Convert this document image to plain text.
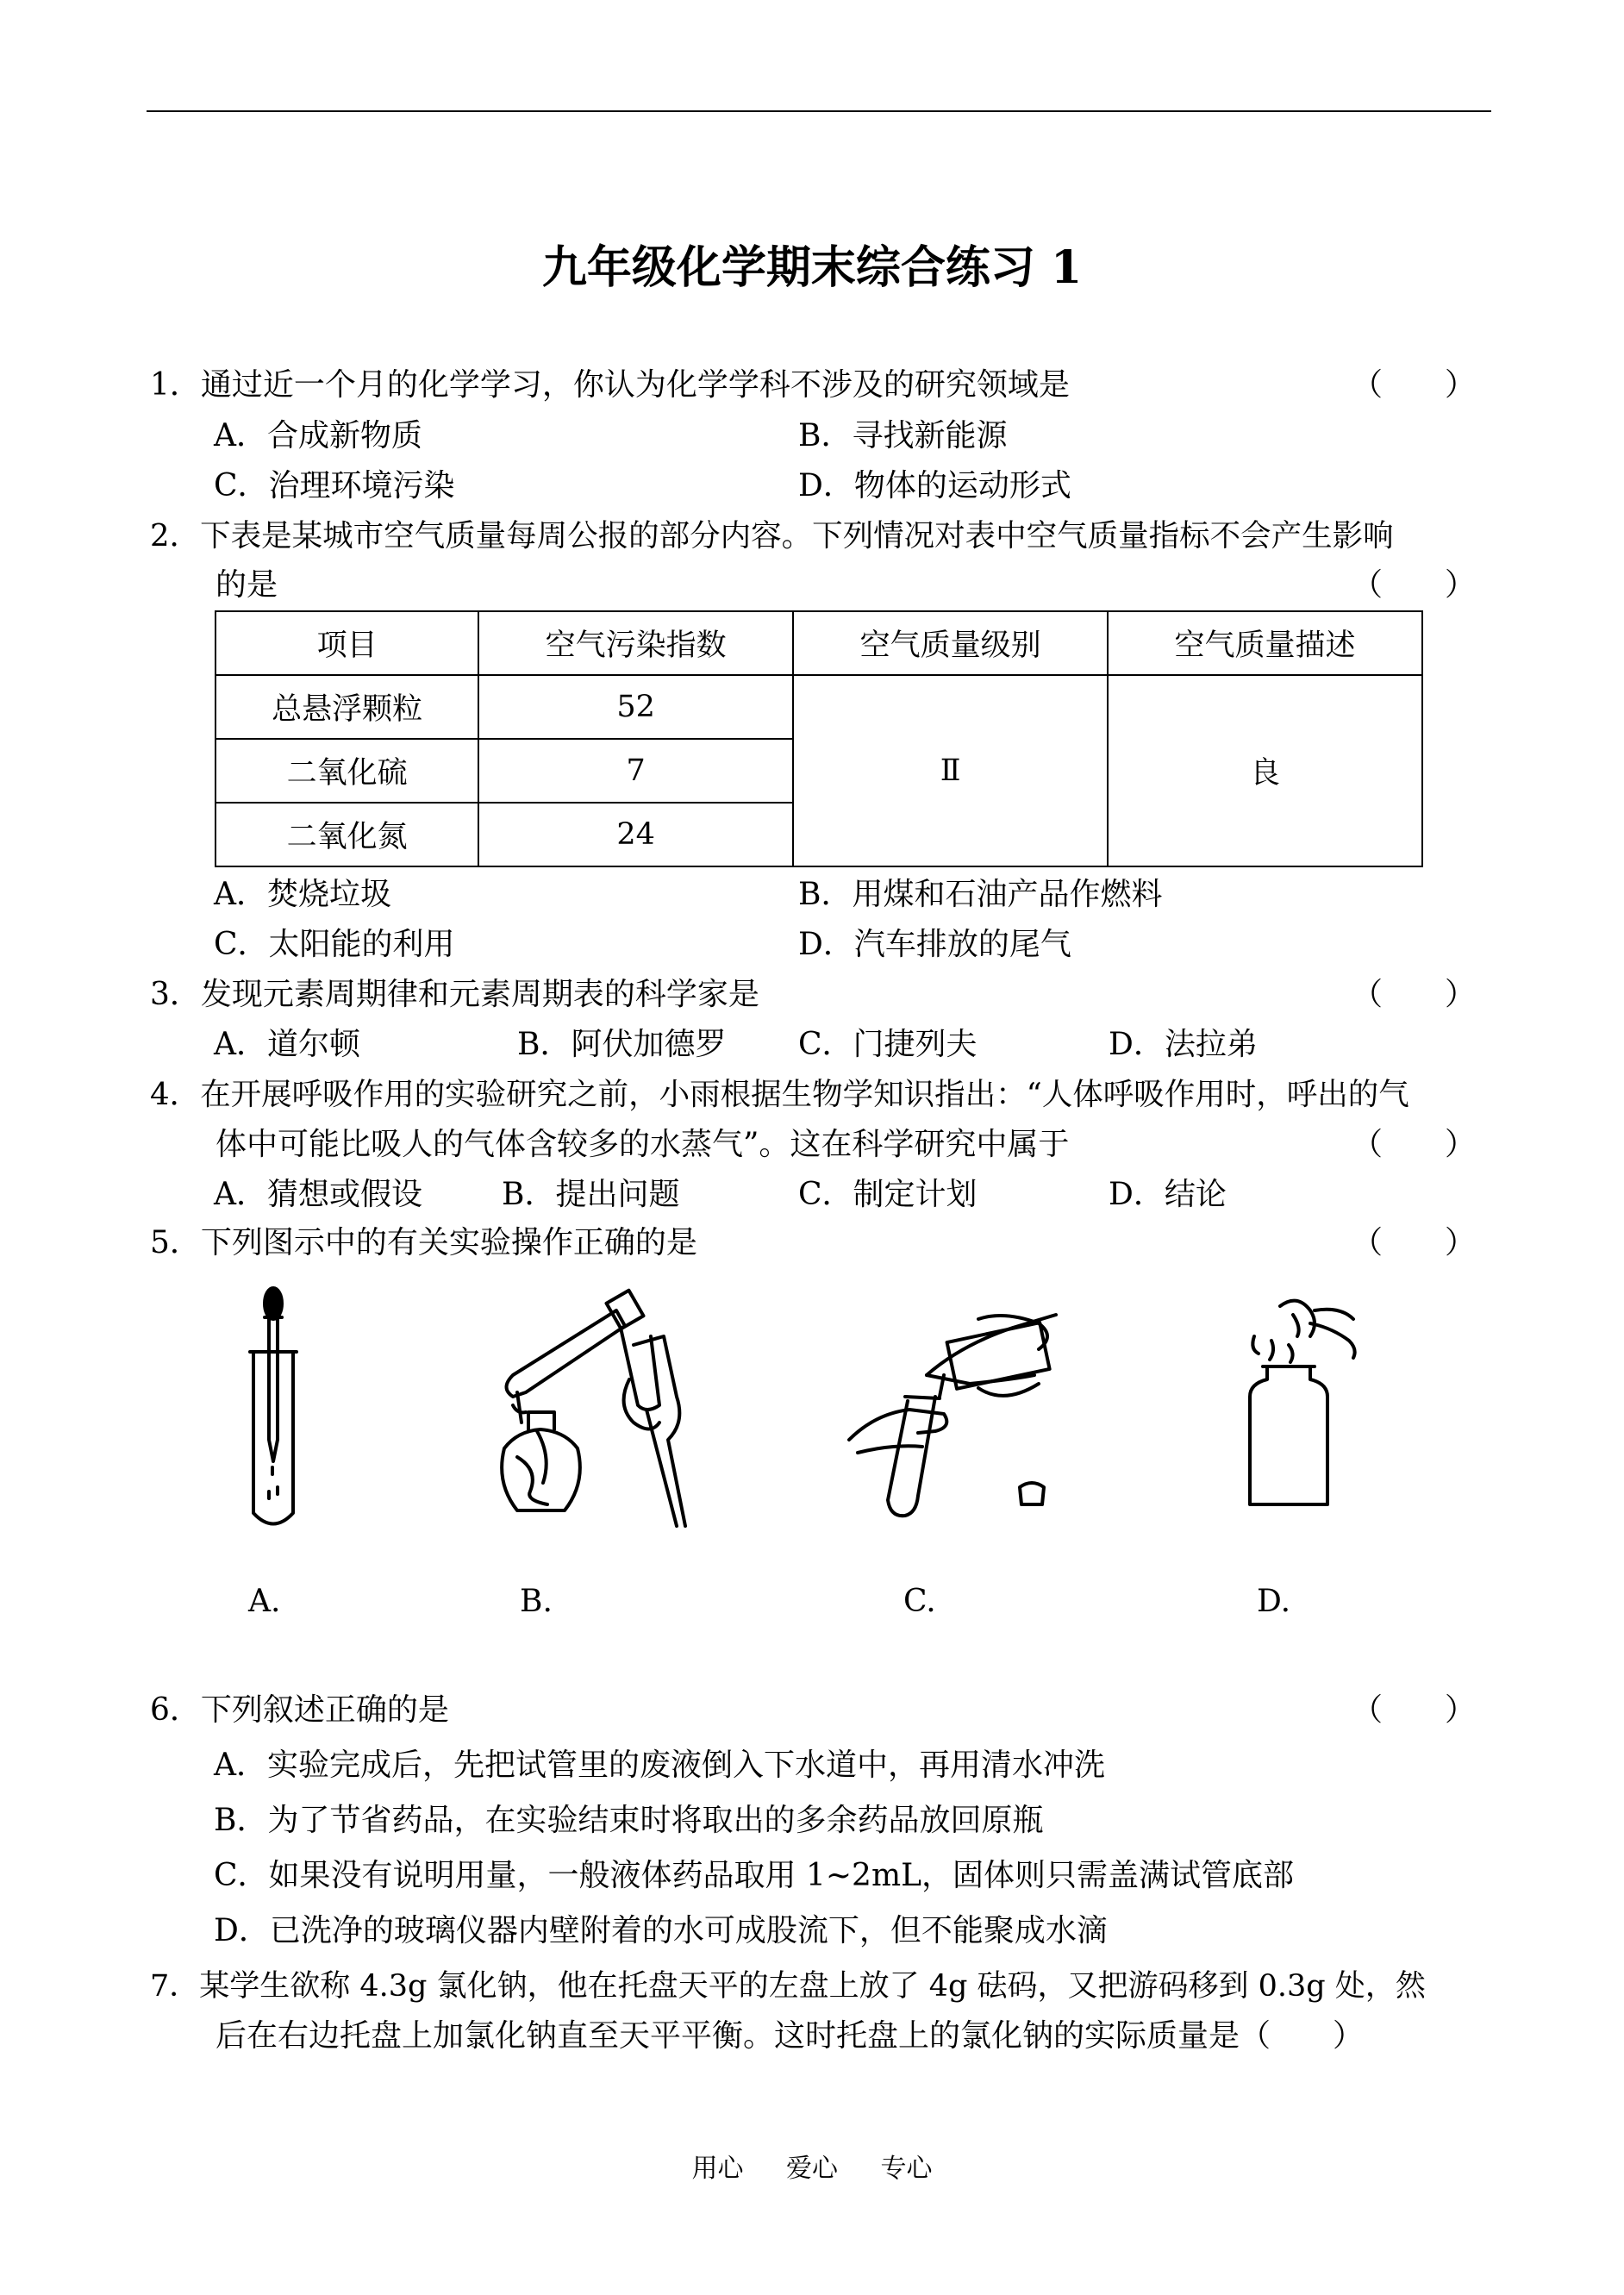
九年级化学期末综合练习 1
1．通过近一个月的化学学习，你认为化学学科不涉及的研究领域是	（　　）
A．合成新物质	B．寻找新能源
C．治理环境污染	D．物体的运动形式
2．下表是某城市空气质量每周公报的部分内容。下列情况对表中空气质量指标不会产生影响
的是	（　　）
项目	空气污染指数	空气质量级别	空气质量描述
总悬浮颗粒	52	Ⅱ	良
二氧化硫	7		
二氧化氮	24		
A．焚烧垃圾	B．用煤和石油产品作燃料
C．太阳能的利用	D．汽车排放的尾气
3．发现元素周期律和元素周期表的科学家是	（　　）
A．道尔顿	B．阿伏加德罗 C．门捷列夫	D．法拉弟
4．在开展呼吸作用的实验研究之前，小雨根据生物学知识指出：“人体呼吸作用时，呼出的气
体中可能比吸人的气体含较多的水蒸气”。这在科学研究中属于	（　　）
A．猜想或假设	B．提出问题	C．制定计划	D．结论
5．下列图示中的有关实验操作正确的是	（　　）
A.	B.	C.	D.
6．下列叙述正确的是	（　　）
A．实验完成后，先把试管里的废液倒入下水道中，再用清水冲洗
B．为了节省药品，在实验结束时将取出的多余药品放回原瓶
C．如果没有说明用量，一般液体药品取用 1~2mL，固体则只需盖满试管底部
D．已洗净的玻璃仪器内壁附着的水可成股流下，但不能聚成水滴
7．某学生欲称 4.3g 氯化钠，他在托盘天平的左盘上放了 4g 砝码，又把游码移到 0.3g 处，然
后在右边托盘上加氯化钠直至天平平衡。这时托盘上的氯化钠的实际质量是（　　）
用心 爱心 专心
